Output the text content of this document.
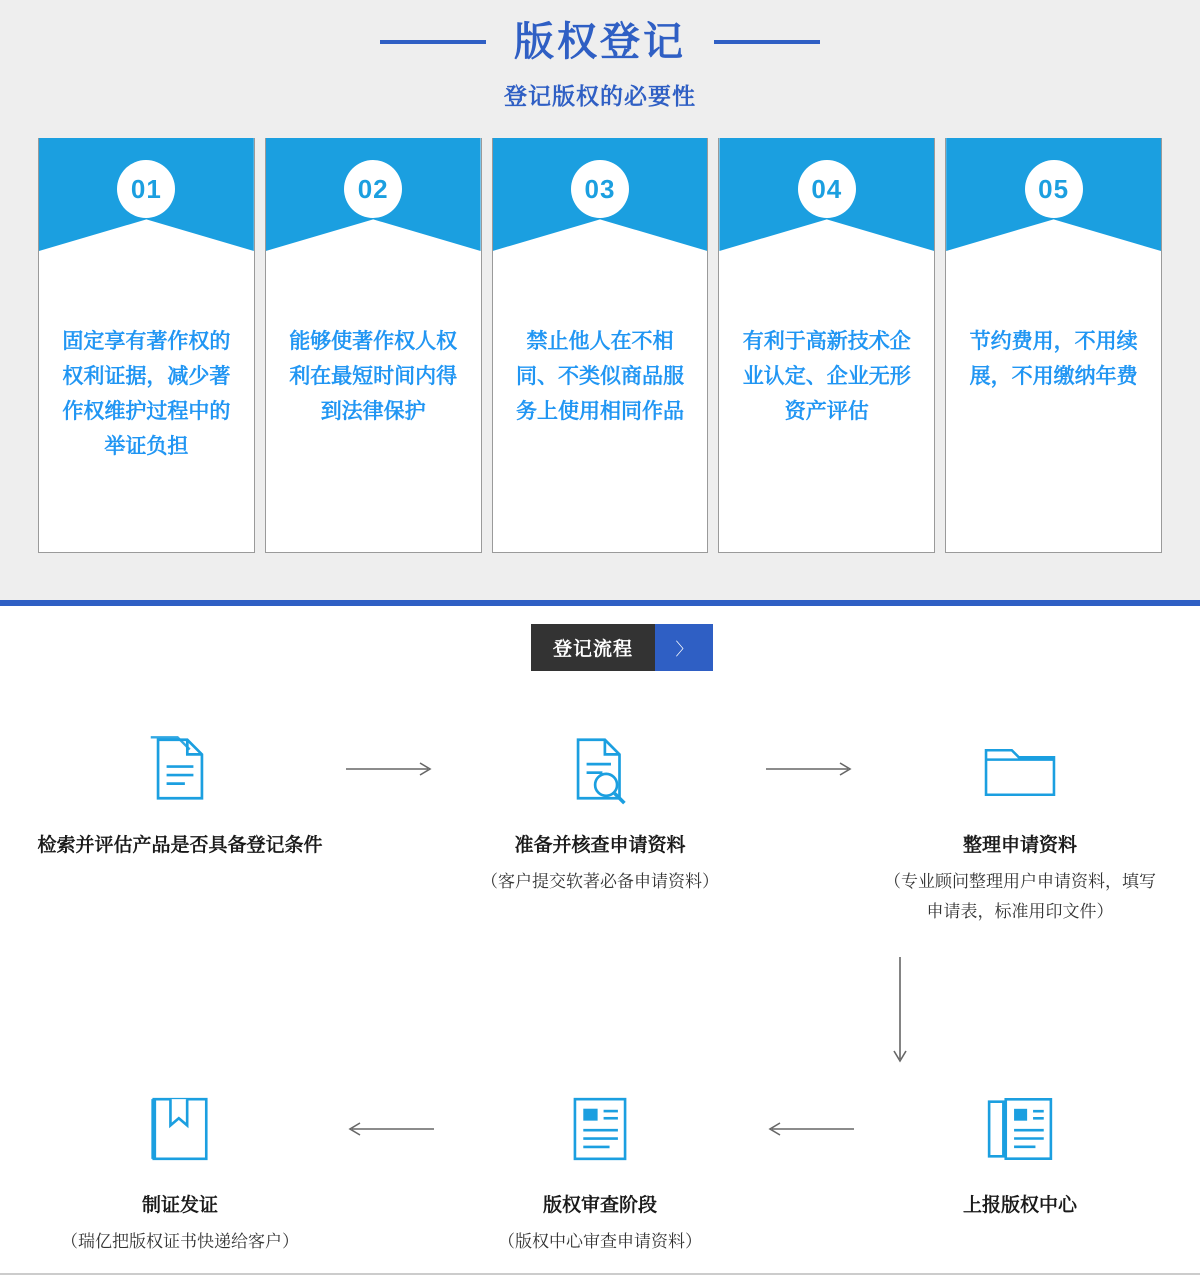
版权登记
登记版权的必要性
01
固定享有著作权的权利证据，减少著作权维护过程中的举证负担
02
能够使著作权人权利在最短时间内得到法律保护
03
禁止他人在不相同、不类似商品服务上使用相同作品
04
有利于高新技术企业认定、企业无形资产评估
05
节约费用，不用续展，不用缴纳年费
登记流程	〉
检索并评估产品是否具备登记条件	准备并核查申请资料
（客户提交软著必备申请资料）
整理申请资料
（专业顾问整理用户申请资料，填写申请表，标准用印文件）
制证发证
（瑞亿把版权证书快递给客户）
版权审查阶段
（版权中心审查申请资料）
上报版权中心
